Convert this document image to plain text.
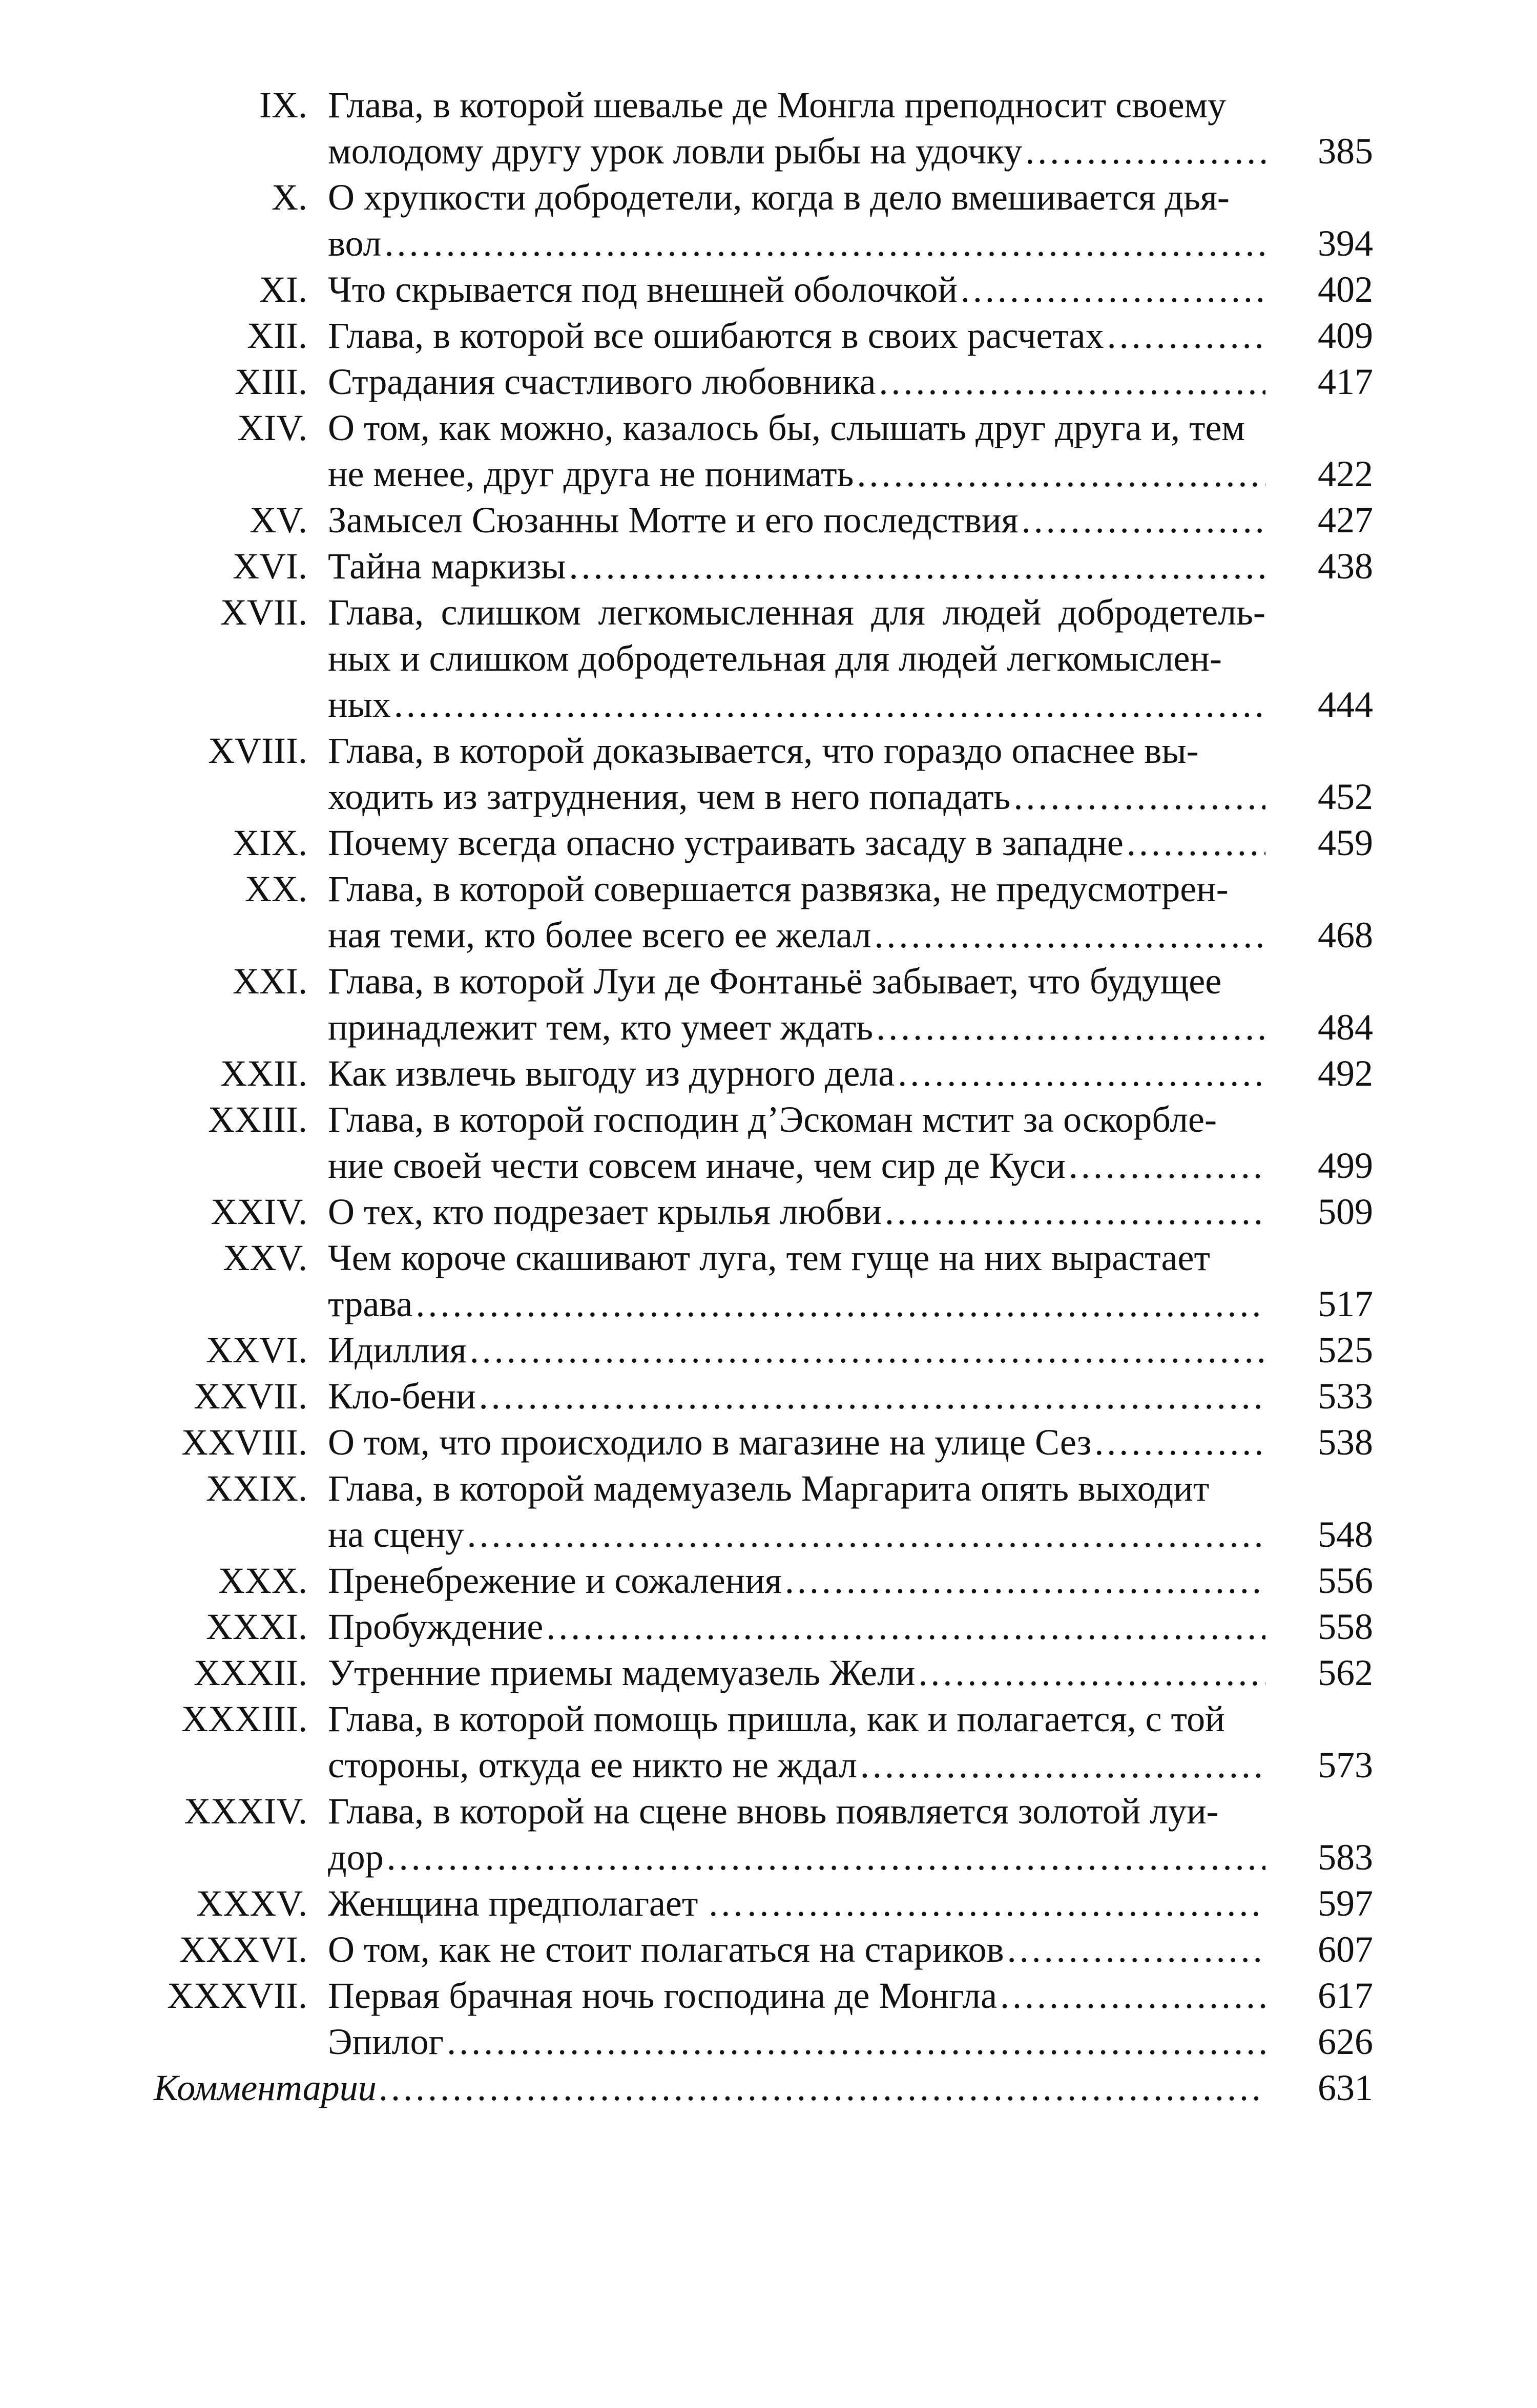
IX. Глава, в которой шевалье де Монгла преподносит своему
молодому другу урок ловли рыбы на удочку .....	385
X. О хрупкости добродетели, когда в дело вмешивается дья-
вол .....	394
XI. Что скрывается под внешней оболочкой .....	402
XII. Глава, в которой все ошибаются в своих расчетах .....	409
XIII. Страдания счастливого любовника .....	417
XIV. О том, как можно, казалось бы, слышать друг друга и, тем
не менее, друг друга не понимать .....	422
XV. Замысел Сюзанны Мотте и его последствия .....	427
XVI. Тайна маркизы .....	438
XVII. Глава, слишком легкомысленная для людей добродетель- ных и слишком добродетельная для людей легкомыслен-
ных .....	444
XVIII. Глава, в которой доказывается, что гораздо опаснее вы-
ходить из затруднения, чем в него попадать .....	452
XIX. Почему всегда опасно устраивать засаду в западне .....	459
XX. Глава, в которой совершается развязка, не предусмотрен-
ная теми, кто более всего ее желал .....	468
XXI. Глава, в которой Луи де Фонтаньё забывает, что будущее
принадлежит тем, кто умеет ждать .....	484
XXII. Как извлечь выгоду из дурного дела .....	492
XXIII. Глава, в которой господин д’Эскоман мстит за оскорбле-
ние своей чести совсем иначе, чем сир де Куси .....	499
XXIV. О тех, кто подрезает крылья любви .....	509
XXV. Чем короче скашивают луга, тем гуще на них вырастает
трава .....	517
XXVI. Идиллия .....	525
XXVII. Кло-бени .....	533
XXVIII. О том, что происходило в магазине на улице Сез .....	538
XXIX. Глава, в которой мадемуазель Маргарита опять выходит
на сцену .....	548
XXX. Пренебрежение и сожаления .....	556
XXXI. Пробуждение .....	558
XXXII. Утренние приемы мадемуазель Жели .....	562
XXXIII. Глава, в которой помощь пришла, как и полагается, с той
стороны, откуда ее никто не ждал .....	573
XXXIV. Глава, в которой на сцене вновь появляется золотой луи-
дор .....	583
XXXV. Женщина предполагает … .....	597
XXXVI. О том, как не стоит полагаться на стариков .....	607
XXXVII. Первая брачная ночь господина де Монгла .....	617
Эпилог .....	626
Комментарии .....	631
